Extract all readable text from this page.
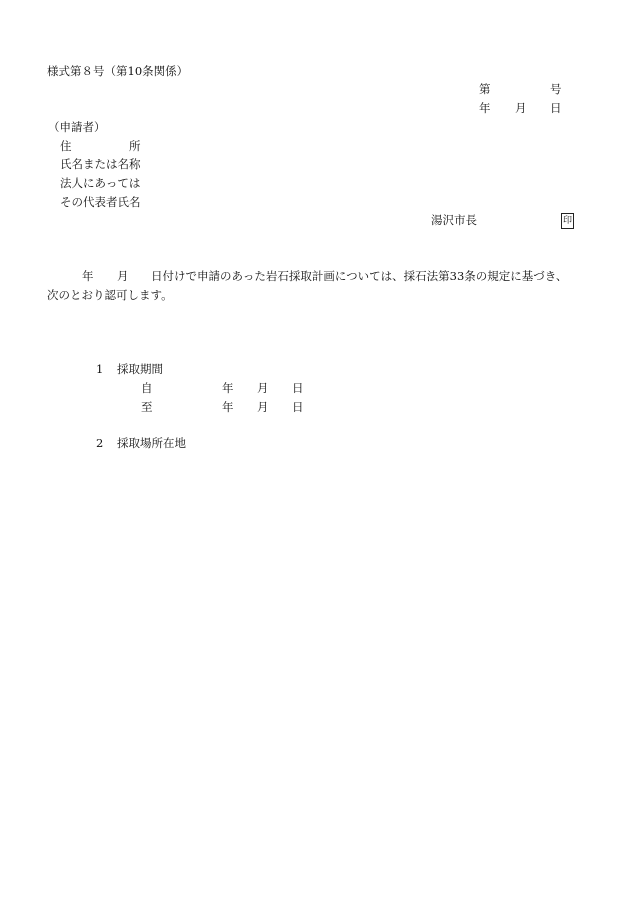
様式第８号（第10条関係）
第	号
年 月 日
（申請者）
住	所
氏名または名称
法人にあっては
その代表者氏名
湯沢市長	印
年 月 日付けで申請のあった岩石採取計画については、採石法第33条の規定に基づき、
次のとおり認可します。
1 採取期間
自	年 月 日
至	年 月 日
2 採取場所在地
